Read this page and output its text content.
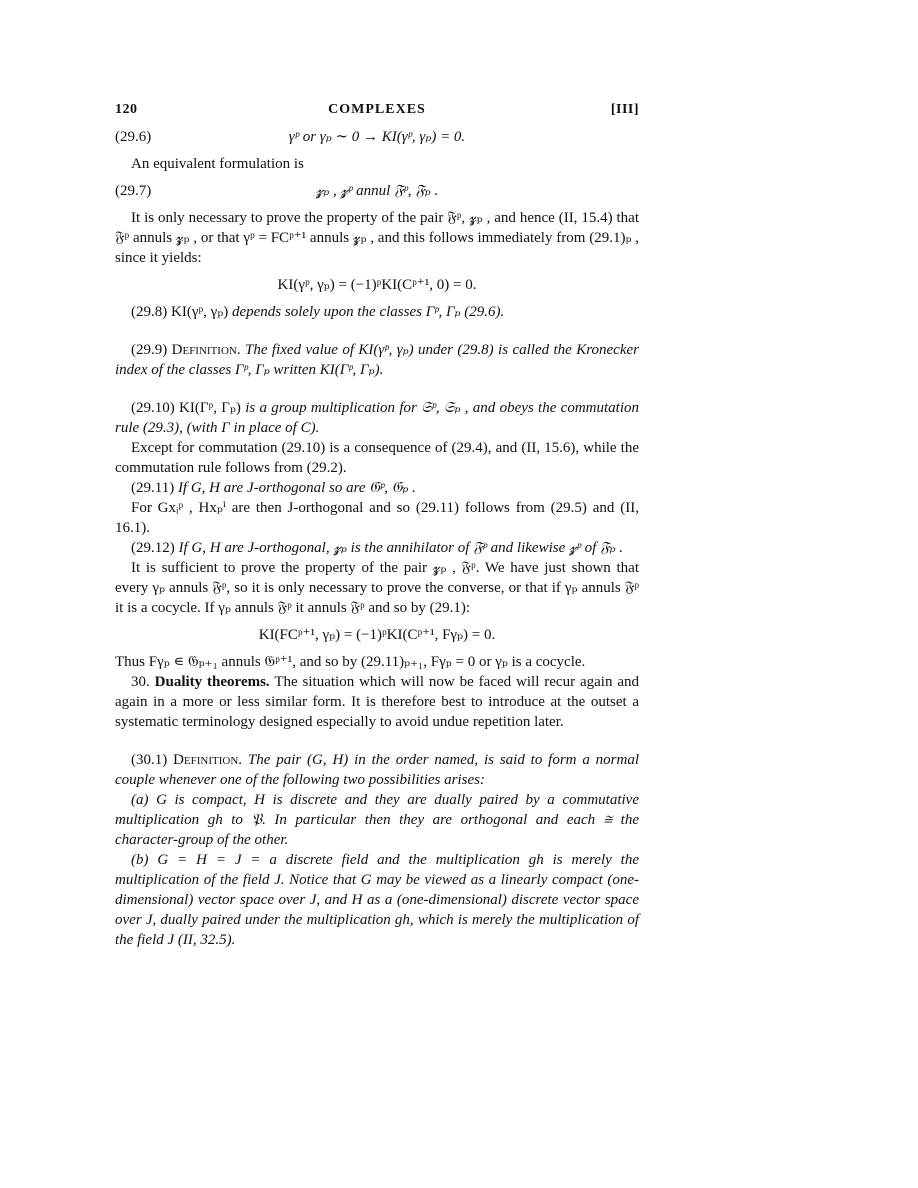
120	COMPLEXES	[III]
(29.6)	γᵖ or γₚ ∼ 0 → KI(γᵖ, γₚ) = 0.

An equivalent formulation is

(29.7)	𝔃ₚ , 𝔃ᵖ annul 𝔉ᵖ, 𝔉ₚ .

It is only necessary to prove the property of the pair 𝔉ᵖ, 𝔃ₚ , and hence (II, 15.4) that 𝔉ᵖ annuls 𝔃ₚ , or that γᵖ = FCᵖ⁺¹ annuls 𝔃ₚ , and this follows immediately from (29.1)ₚ , since it yields:

KI(γᵖ, γₚ) = (−1)ᵖKI(Cᵖ⁺¹, 0) = 0.

(29.8) KI(γᵖ, γₚ) depends solely upon the classes Γᵖ, Γₚ (29.6).

(29.9) Definition. The fixed value of KI(γᵖ, γₚ) under (29.8) is called the Kronecker index of the classes Γᵖ, Γₚ written KI(Γᵖ, Γₚ).

(29.10) KI(Γᵖ, Γₚ) is a group multiplication for 𝔖ᵖ, 𝔖ₚ , and obeys the commutation rule (29.3), (with Γ in place of C).

Except for commutation (29.10) is a consequence of (29.4), and (II, 15.6), while the commutation rule follows from (29.2).

(29.11) If G, H are J-orthogonal so are 𝔊ᵖ, 𝔊ₚ .

For Gxᵢᵖ , Hxₚⁱ are then J-orthogonal and so (29.11) follows from (29.5) and (II, 16.1).

(29.12) If G, H are J-orthogonal, 𝔃ₚ is the annihilator of 𝔉ᵖ and likewise 𝔃ᵖ of 𝔉ₚ .

It is sufficient to prove the property of the pair 𝔃ₚ , 𝔉ᵖ. We have just shown that every γₚ annuls 𝔉ᵖ, so it is only necessary to prove the converse, or that if γₚ annuls 𝔉ᵖ it is a cocycle. If γₚ annuls 𝔉ᵖ it annuls 𝔉ᵖ and so by (29.1):

KI(FCᵖ⁺¹, γₚ) = (−1)ᵖKI(Cᵖ⁺¹, Fγₚ) = 0.

Thus Fγₚ ∊ 𝔊ₚ₊₁ annuls 𝔊ᵖ⁺¹, and so by (29.11)ₚ₊₁, Fγₚ = 0 or γₚ is a cocycle.

30. Duality theorems. The situation which will now be faced will recur again and again in a more or less similar form. It is therefore best to introduce at the outset a systematic terminology designed especially to avoid undue repetition later.

(30.1) Definition. The pair (G, H) in the order named, is said to form a normal couple whenever one of the following two possibilities arises:

(a) G is compact, H is discrete and they are dually paired by a commutative multiplication gh to 𝔓. In particular then they are orthogonal and each ≅ the character-group of the other.

(b) G = H = J = a discrete field and the multiplication gh is merely the multiplication of the field J. Notice that G may be viewed as a linearly compact (one-dimensional) vector space over J, and H as a (one-dimensional) discrete vector space over J, dually paired under the multiplication gh, which is merely the multiplication of the field J (II, 32.5).
